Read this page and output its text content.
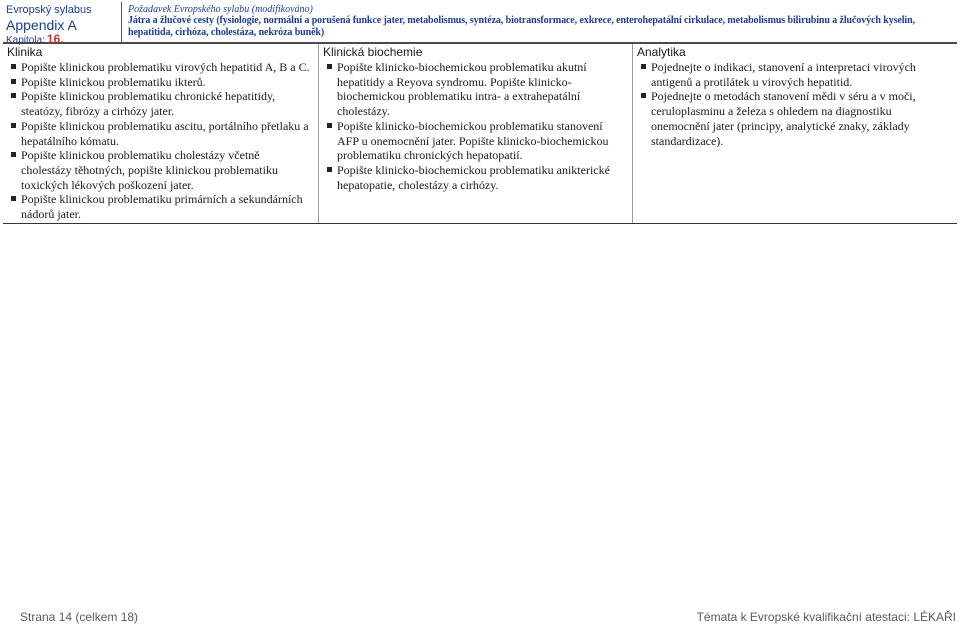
Evropský sylabus
Appendix A
Kapitola: 16.
Požadavek Evropského sylabu (modifikováno)
Játra a žlučové cesty (fysiologie, normální a porušená funkce jater, metabolismus, syntéza, biotransformace, exkrece, enterohepatální cirkulace, metabolismus bilirubinu a žlučových kyselin, hepatitida, cirhóza, cholestáza, nekróza buněk)
Klinika
Popište klinickou problematiku virových hepatitid A, B a C.
Popište klinickou problematiku ikterů.
Popište klinickou problematiku chronické hepatitidy, steatózy, fibrózy a cirhózy jater.
Popište klinickou problematiku ascitu, portálního přetlaku a hepatálního kómatu.
Popište klinickou problematiku cholestázy včetně cholestázy těhotných, popište klinickou problematiku toxických lékových poškození jater.
Popište klinickou problematiku primárních a sekundárních nádorů jater.
Klinická biochemie
Popište klinicko-biochemickou problematiku akutní hepatitidy a Reyova syndromu. Popište klinicko-biochemickou problematiku intra- a extrahepatální cholestázy.
Popište klinicko-biochemickou problematiku stanovení AFP u onemocnění jater. Popište klinicko-biochemickou problematiku chronických hepatopatií.
Popište klinicko-biochemickou problematiku anikterické hepatopatie, cholestázy a cirhózy.
Analytika
Pojednejte o indikaci, stanovení a interpretaci virových antigenů a protilátek u virových hepatitid.
Pojednejte o metodách stanovení mědi v séru a v moči, ceruloplasminu a železa s ohledem na diagnostiku onemocnění jater (principy, analytické znaky, základy standardizace).
Strana 14 (celkem 18)	Témata k Evropské kvalifikační atestaci: LÉKAŘI
